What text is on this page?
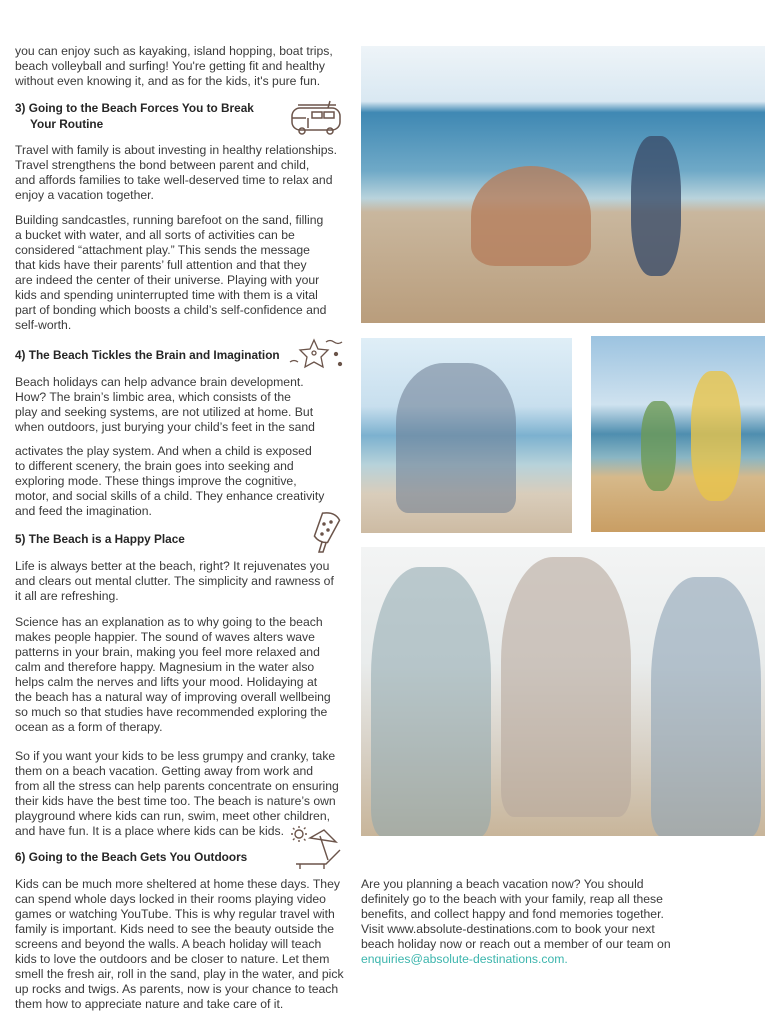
you can enjoy such as kayaking, island hopping, boat trips,
beach volleyball and surfing! You're getting fit and healthy
without even knowing it, and as for the kids, it's pure fun.

3) Going to the Beach Forces You to Break
Your Routine

Travel with family is about investing in healthy relationships.
Travel strengthens the bond between parent and child,
and affords families to take well-deserved time to relax and
enjoy a vacation together.

Building sandcastles, running barefoot on the sand, filling
a bucket with water, and all sorts of activities can be
considered “attachment play.” This sends the message
that kids have their parents’ full attention and that they
are indeed the center of their universe. Playing with your
kids and spending uninterrupted time with them is a vital
part of bonding which boosts a child’s self-confidence and
self-worth.

4) The Beach Tickles the Brain and Imagination

Beach holidays can help advance brain development.
How? The brain’s limbic area, which consists of the
play and seeking systems, are not utilized at home. But
when outdoors, just burying your child’s feet in the sand

activates the play system. And when a child is exposed
to different scenery, the brain goes into seeking and
exploring mode. These things improve the cognitive,
motor, and social skills of a child. They enhance creativity
and feed the imagination.

5) The Beach is a Happy Place

Life is always better at the beach, right? It rejuvenates you
and clears out mental clutter. The simplicity and rawness of
it all are refreshing.

Science has an explanation as to why going to the beach
makes people happier. The sound of waves alters wave
patterns in your brain, making you feel more relaxed and
calm and therefore happy. Magnesium in the water also
helps calm the nerves and lifts your mood. Holidaying at
the beach has a natural way of improving overall wellbeing
so much so that studies have recommended exploring the
ocean as a form of therapy.

So if you want your kids to be less grumpy and cranky, take
them on a beach vacation. Getting away from work and
from all the stress can help parents concentrate on ensuring
their kids have the best time too. The beach is nature’s own
playground where kids can run, swim, meet other children,
and have fun. It is a place where kids can be kids.

6) Going to the Beach Gets You Outdoors

Kids can be much more sheltered at home these days. They
can spend whole days locked in their rooms playing video
games or watching YouTube. This is why regular travel with
family is important. Kids need to see the beauty outside the
screens and beyond the walls. A beach holiday will teach
kids to love the outdoors and be closer to nature. Let them
smell the fresh air, roll in the sand, play in the water, and pick
up rocks and twigs. As parents, now is your chance to teach
them how to appreciate nature and take care of it.

Are you planning a beach vacation now? You should
definitely go to the beach with your family, reap all these
benefits, and collect happy and fond memories together.
Visit www.absolute-destinations.com to book your next
beach holiday now or reach out a member of our team on
enquiries@absolute-destinations.com.
